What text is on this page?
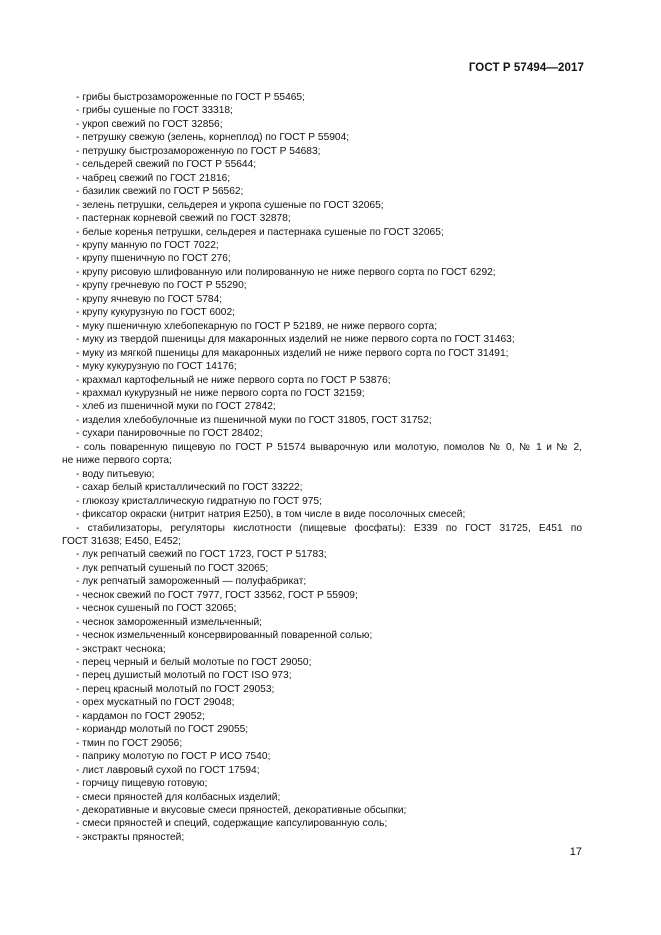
ГОСТ Р 57494—2017
- грибы быстрозамороженные по ГОСТ Р 55465;
- грибы сушеные по ГОСТ 33318;
- укроп свежий по ГОСТ 32856;
- петрушку свежую (зелень, корнеплод) по ГОСТ Р 55904;
- петрушку быстрозамороженную по ГОСТ Р 54683;
- сельдерей свежий по ГОСТ Р 55644;
- чабрец свежий по ГОСТ 21816;
- базилик свежий по ГОСТ Р 56562;
- зелень петрушки, сельдерея и укропа сушеные по ГОСТ 32065;
- пастернак корневой свежий по ГОСТ 32878;
- белые коренья петрушки, сельдерея и пастернака сушеные по ГОСТ 32065;
- крупу манную по ГОСТ 7022;
- крупу пшеничную по ГОСТ 276;
- крупу рисовую шлифованную или полированную не ниже первого сорта по ГОСТ 6292;
- крупу гречневую по ГОСТ Р 55290;
- крупу ячневую по ГОСТ 5784;
- крупу кукурузную по ГОСТ 6002;
- муку пшеничную хлебопекарную по ГОСТ Р 52189, не ниже первого сорта;
- муку из твердой пшеницы для макаронных изделий не ниже первого сорта по ГОСТ 31463;
- муку из мягкой пшеницы для макаронных изделий не ниже первого сорта по ГОСТ 31491;
- муку кукурузную по ГОСТ 14176;
- крахмал картофельный не ниже первого сорта по ГОСТ Р 53876;
- крахмал кукурузный не ниже первого сорта по ГОСТ 32159;
- хлеб из пшеничной муки по ГОСТ 27842;
- изделия хлебобулочные из пшеничной муки по ГОСТ 31805, ГОСТ 31752;
- сухари панировочные по ГОСТ 28402;
- соль поваренную пищевую по ГОСТ Р 51574 выварочную или молотую, помолов № 0, № 1 и № 2,
не ниже первого сорта;
- воду питьевую;
- сахар белый кристаллический по ГОСТ 33222;
- глюкозу кристаллическую гидратную по ГОСТ 975;
- фиксатор окраски (нитрит натрия Е250), в том числе в виде посолочных смесей;
- стабилизаторы, регуляторы кислотности (пищевые фосфаты): Е339 по ГОСТ 31725, Е451 по
ГОСТ 31638; Е450, Е452;
- лук репчатый свежий по ГОСТ 1723, ГОСТ Р 51783;
- лук репчатый сушеный по ГОСТ 32065;
- лук репчатый замороженный — полуфабрикат;
- чеснок свежий по ГОСТ 7977, ГОСТ 33562, ГОСТ Р 55909;
- чеснок сушеный по ГОСТ 32065;
- чеснок замороженный измельченный;
- чеснок измельченный консервированный поваренной солью;
- экстракт чеснока;
- перец черный и белый молотые по ГОСТ 29050;
- перец душистый молотый по ГОСТ ISO 973;
- перец красный молотый по ГОСТ 29053;
- орех мускатный по ГОСТ 29048;
- кардамон по ГОСТ 29052;
- кориандр молотый по ГОСТ 29055;
- тмин по ГОСТ 29056;
- паприку молотую по ГОСТ Р ИСО 7540;
- лист лавровый сухой по ГОСТ 17594;
- горчицу пищевую готовую;
- смеси пряностей для колбасных изделий;
- декоративные и вкусовые смеси пряностей, декоративные обсыпки;
- смеси пряностей и специй, содержащие капсулированную соль;
- экстракты пряностей;
17
